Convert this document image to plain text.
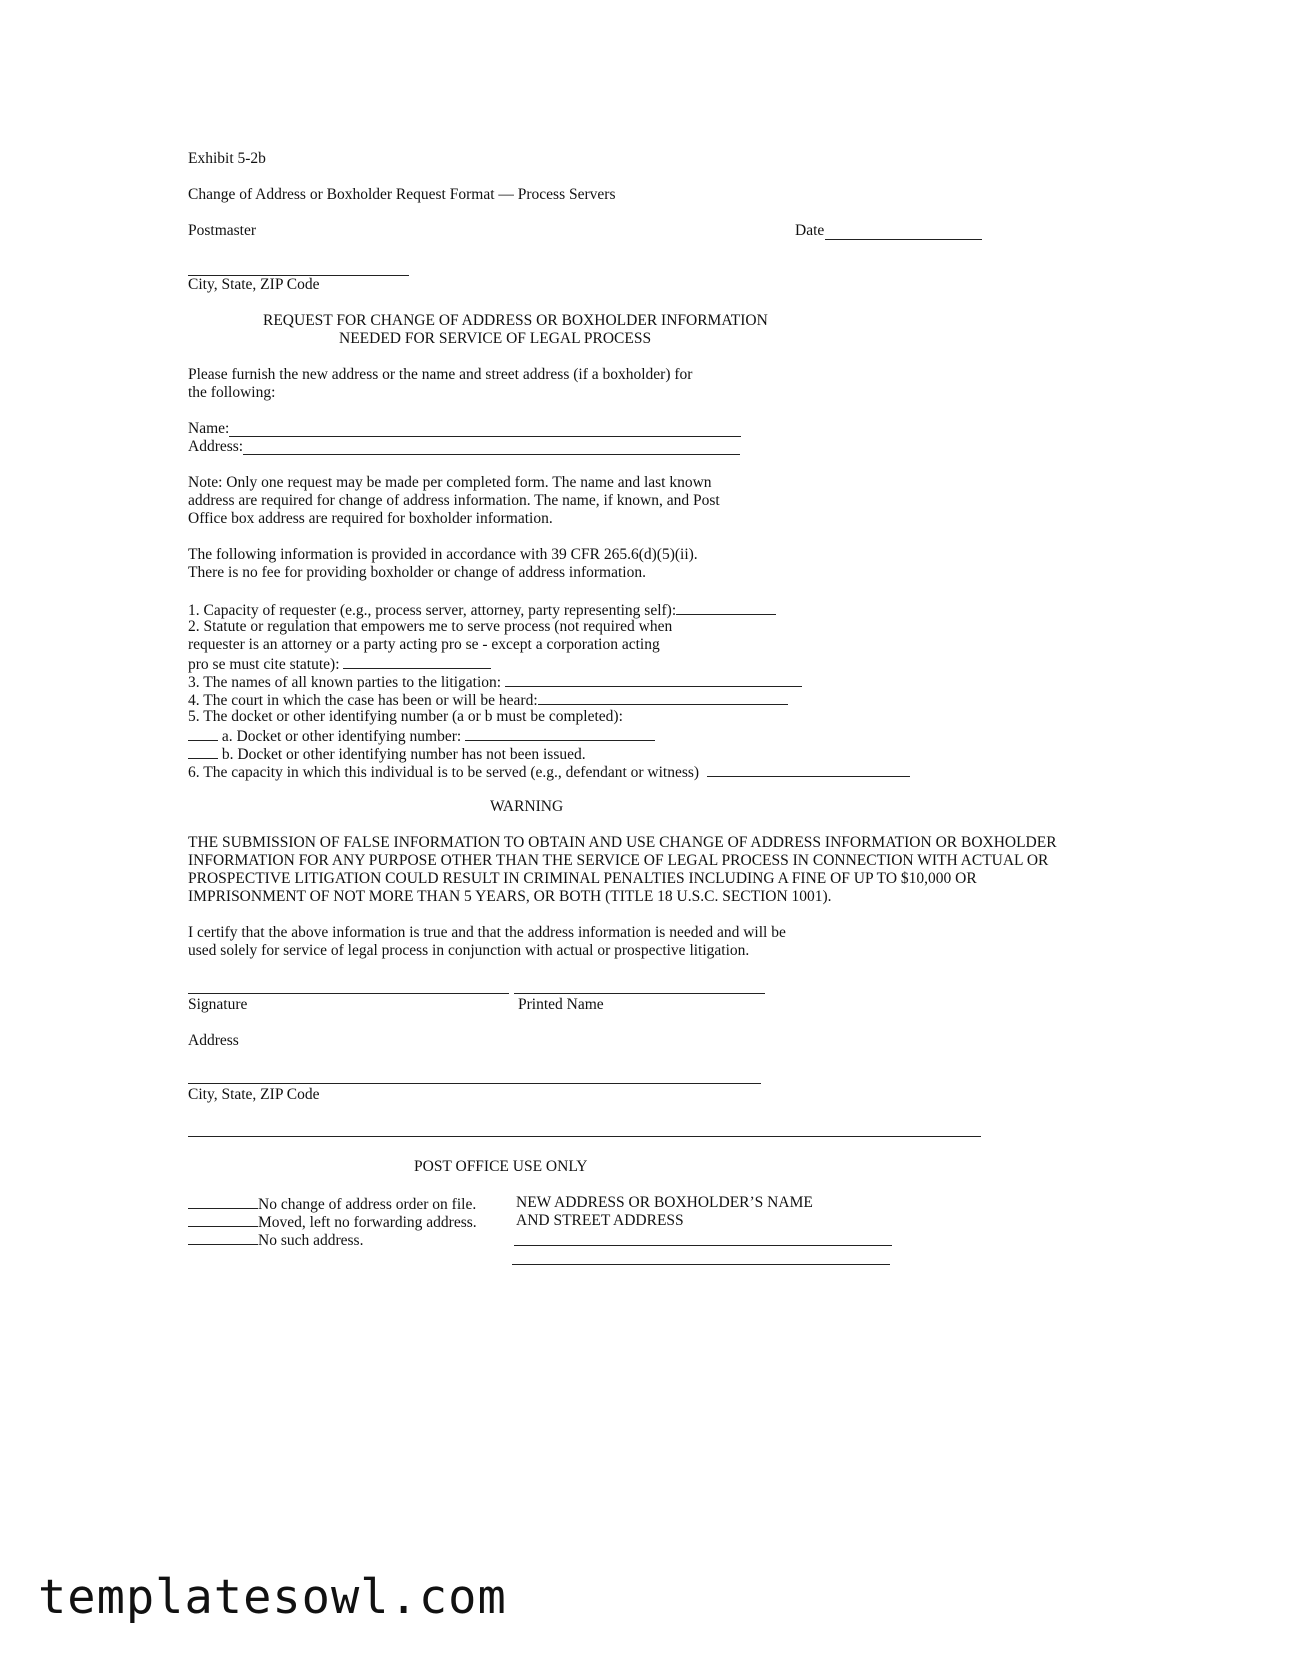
Exhibit 5-2b
Change of Address or Boxholder Request Format — Process Servers
Postmaster	Date
City, State, ZIP Code
REQUEST FOR CHANGE OF ADDRESS OR BOXHOLDER INFORMATION
NEEDED FOR SERVICE OF LEGAL PROCESS
Please furnish the new address or the name and street address (if a boxholder) for
the following:
Name:
Address:
Note: Only one request may be made per completed form. The name and last known
address are required for change of address information. The name, if known, and Post
Office box address are required for boxholder information.
The following information is provided in accordance with 39 CFR 265.6(d)(5)(ii).
There is no fee for providing boxholder or change of address information.
1. Capacity of requester (e.g., process server, attorney, party representing self):
2. Statute or regulation that empowers me to serve process (not required when
requester is an attorney or a party acting pro se - except a corporation acting
pro se must cite statute):
3. The names of all known parties to the litigation:
4. The court in which the case has been or will be heard:
5. The docket or other identifying number (a or b must be completed):
a. Docket or other identifying number:
b. Docket or other identifying number has not been issued.
6. The capacity in which this individual is to be served (e.g., defendant or witness)
WARNING
THE SUBMISSION OF FALSE INFORMATION TO OBTAIN AND USE CHANGE OF ADDRESS INFORMATION OR BOXHOLDER
INFORMATION FOR ANY PURPOSE OTHER THAN THE SERVICE OF LEGAL PROCESS IN CONNECTION WITH ACTUAL OR
PROSPECTIVE LITIGATION COULD RESULT IN CRIMINAL PENALTIES INCLUDING A FINE OF UP TO $10,000 OR
IMPRISONMENT OF NOT MORE THAN 5 YEARS, OR BOTH (TITLE 18 U.S.C. SECTION 1001).
I certify that the above information is true and that the address information is needed and will be
used solely for service of legal process in conjunction with actual or prospective litigation.
Signature	Printed Name
Address
City, State, ZIP Code
POST OFFICE USE ONLY
No change of address order on file.
Moved, left no forwarding address.
No such address.
NEW ADDRESS OR BOXHOLDER’S NAME
AND STREET ADDRESS
templatesowl.com
